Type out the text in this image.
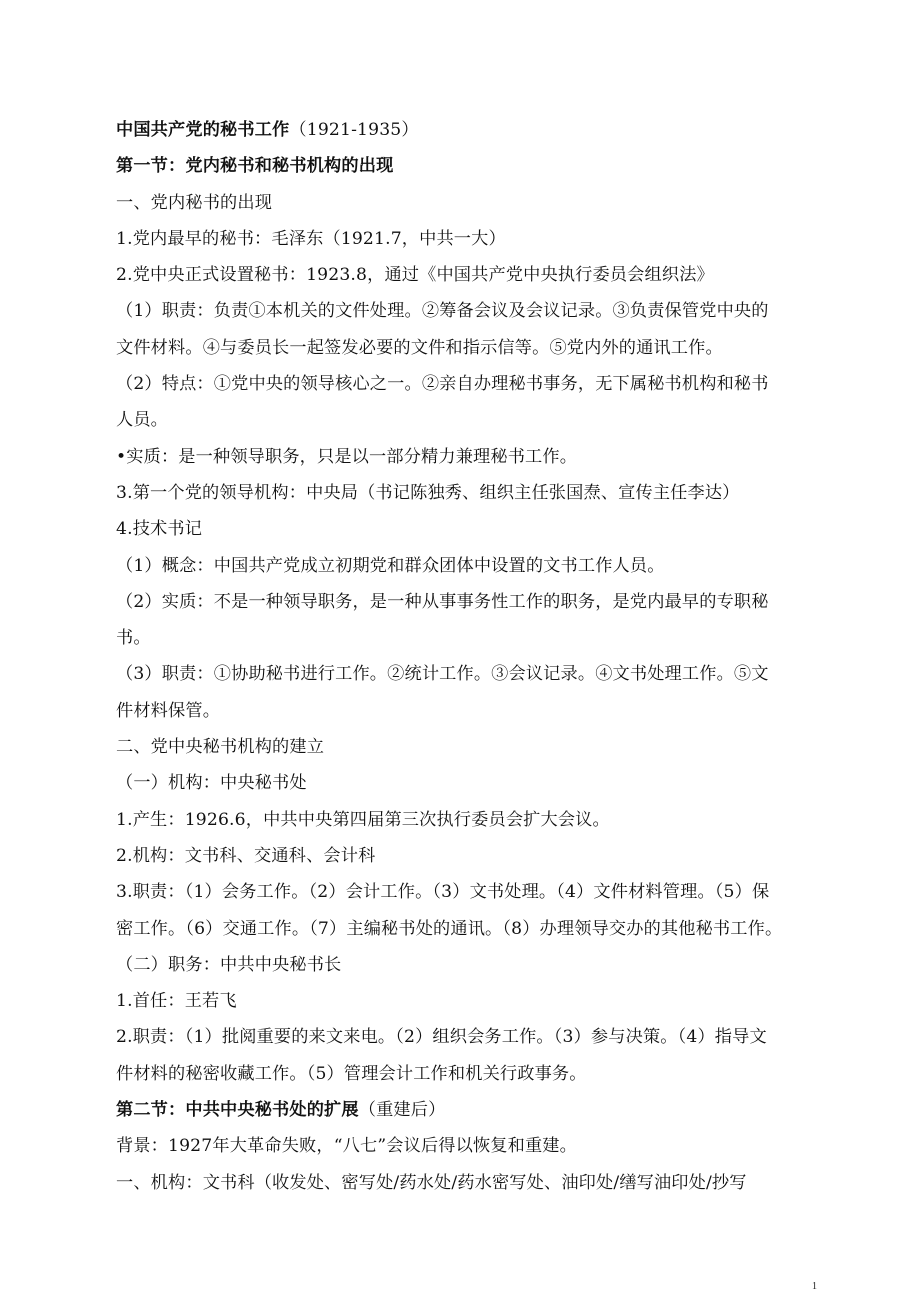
中国共产党的秘书工作（1921-1935）
第一节：党内秘书和秘书机构的出现
一、党内秘书的出现
1.党内最早的秘书：毛泽东（1921.7，中共一大）
2.党中央正式设置秘书：1923.8，通过《中国共产党中央执行委员会组织法》
（1）职责：负责①本机关的文件处理。②筹备会议及会议记录。③负责保管党中央的
文件材料。④与委员长一起签发必要的文件和指示信等。⑤党内外的通讯工作。
（2）特点：①党中央的领导核心之一。②亲自办理秘书事务，无下属秘书机构和秘书
人员。
•实质：是一种领导职务，只是以一部分精力兼理秘书工作。
3.第一个党的领导机构：中央局（书记陈独秀、组织主任张国焘、宣传主任李达）
4.技术书记
（1）概念：中国共产党成立初期党和群众团体中设置的文书工作人员。
（2）实质：不是一种领导职务，是一种从事事务性工作的职务，是党内最早的专职秘
书。
（3）职责：①协助秘书进行工作。②统计工作。③会议记录。④文书处理工作。⑤文
件材料保管。
二、党中央秘书机构的建立
（一）机构：中央秘书处
1.产生：1926.6，中共中央第四届第三次执行委员会扩大会议。
2.机构：文书科、交通科、会计科
3.职责：（1）会务工作。（2）会计工作。（3）文书处理。（4）文件材料管理。（5）保
密工作。（6）交通工作。（7）主编秘书处的通讯。（8）办理领导交办的其他秘书工作。
（二）职务：中共中央秘书长
1.首任：王若飞
2.职责：（1）批阅重要的来文来电。（2）组织会务工作。（3）参与决策。（4）指导文
件材料的秘密收藏工作。（5）管理会计工作和机关行政事务。
第二节：中共中央秘书处的扩展（重建后）
背景：1927年大革命失败，“八七”会议后得以恢复和重建。
一、机构：文书科（收发处、密写处/药水处/药水密写处、油印处/缮写油印处/抄写
1
